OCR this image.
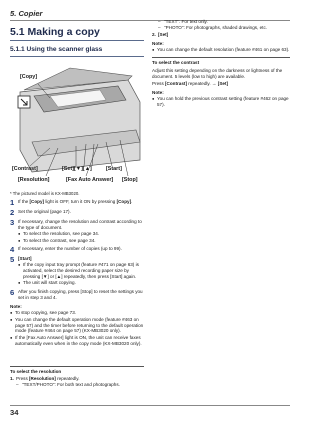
5. Copier
5.1 Making a copy
5.1.1 Using the scanner glass
[Copy]
[Contrast]	[Set][▼][▲]	[Start]
[Resolution]	[Fax Auto Answer] [Stop]
* The pictured model is KX-MB3020.
1 If the [Copy] light is OFF, turn it ON by pressing [Copy].
2 Set the original (page 17).
3 If necessary, change the resolution and contrast according to the type of document.
● To select the resolution, see page 34.
● To select the contrast, see page 34.
4 If necessary, enter the number of copies (up to 99).
5 [Start]
● If the copy input tray prompt (feature #471 on page 63) is activated, select the desired recording paper size by pressing [▼] or [▲] repeatedly, then press [Start] again.
● The unit will start copying.
6 After you finish copying, press [Stop] to reset the settings you set in step 3 and 4.
Note:
● To stop copying, see page 73.
● You can change the default operation mode (feature #463 on page 57) and the timer before returning to the default operation mode (feature #464 on page 57) (KX-MB3020 only).
● If the [Fax Auto Answer] light is ON, the unit can receive faxes automatically even when in the copy mode (KX-MB3020 only).
– "TEXT": For text only.
– "PHOTO": For photographs, shaded drawings, etc.
2. [Set]
Note:
● You can change the default resolution (feature #461 on page 63).
To select the contrast
Adjust this setting depending on the darkness or lightness of the document. 5 levels (low to high) are available.
Press [Contrast] repeatedly. → [Set]
Note:
● You can hold the previous contrast setting (feature #462 on page 57).
To select the resolution
1. Press [Resolution] repeatedly.
– "TEXT/PHOTO": For both text and photographs.
34
